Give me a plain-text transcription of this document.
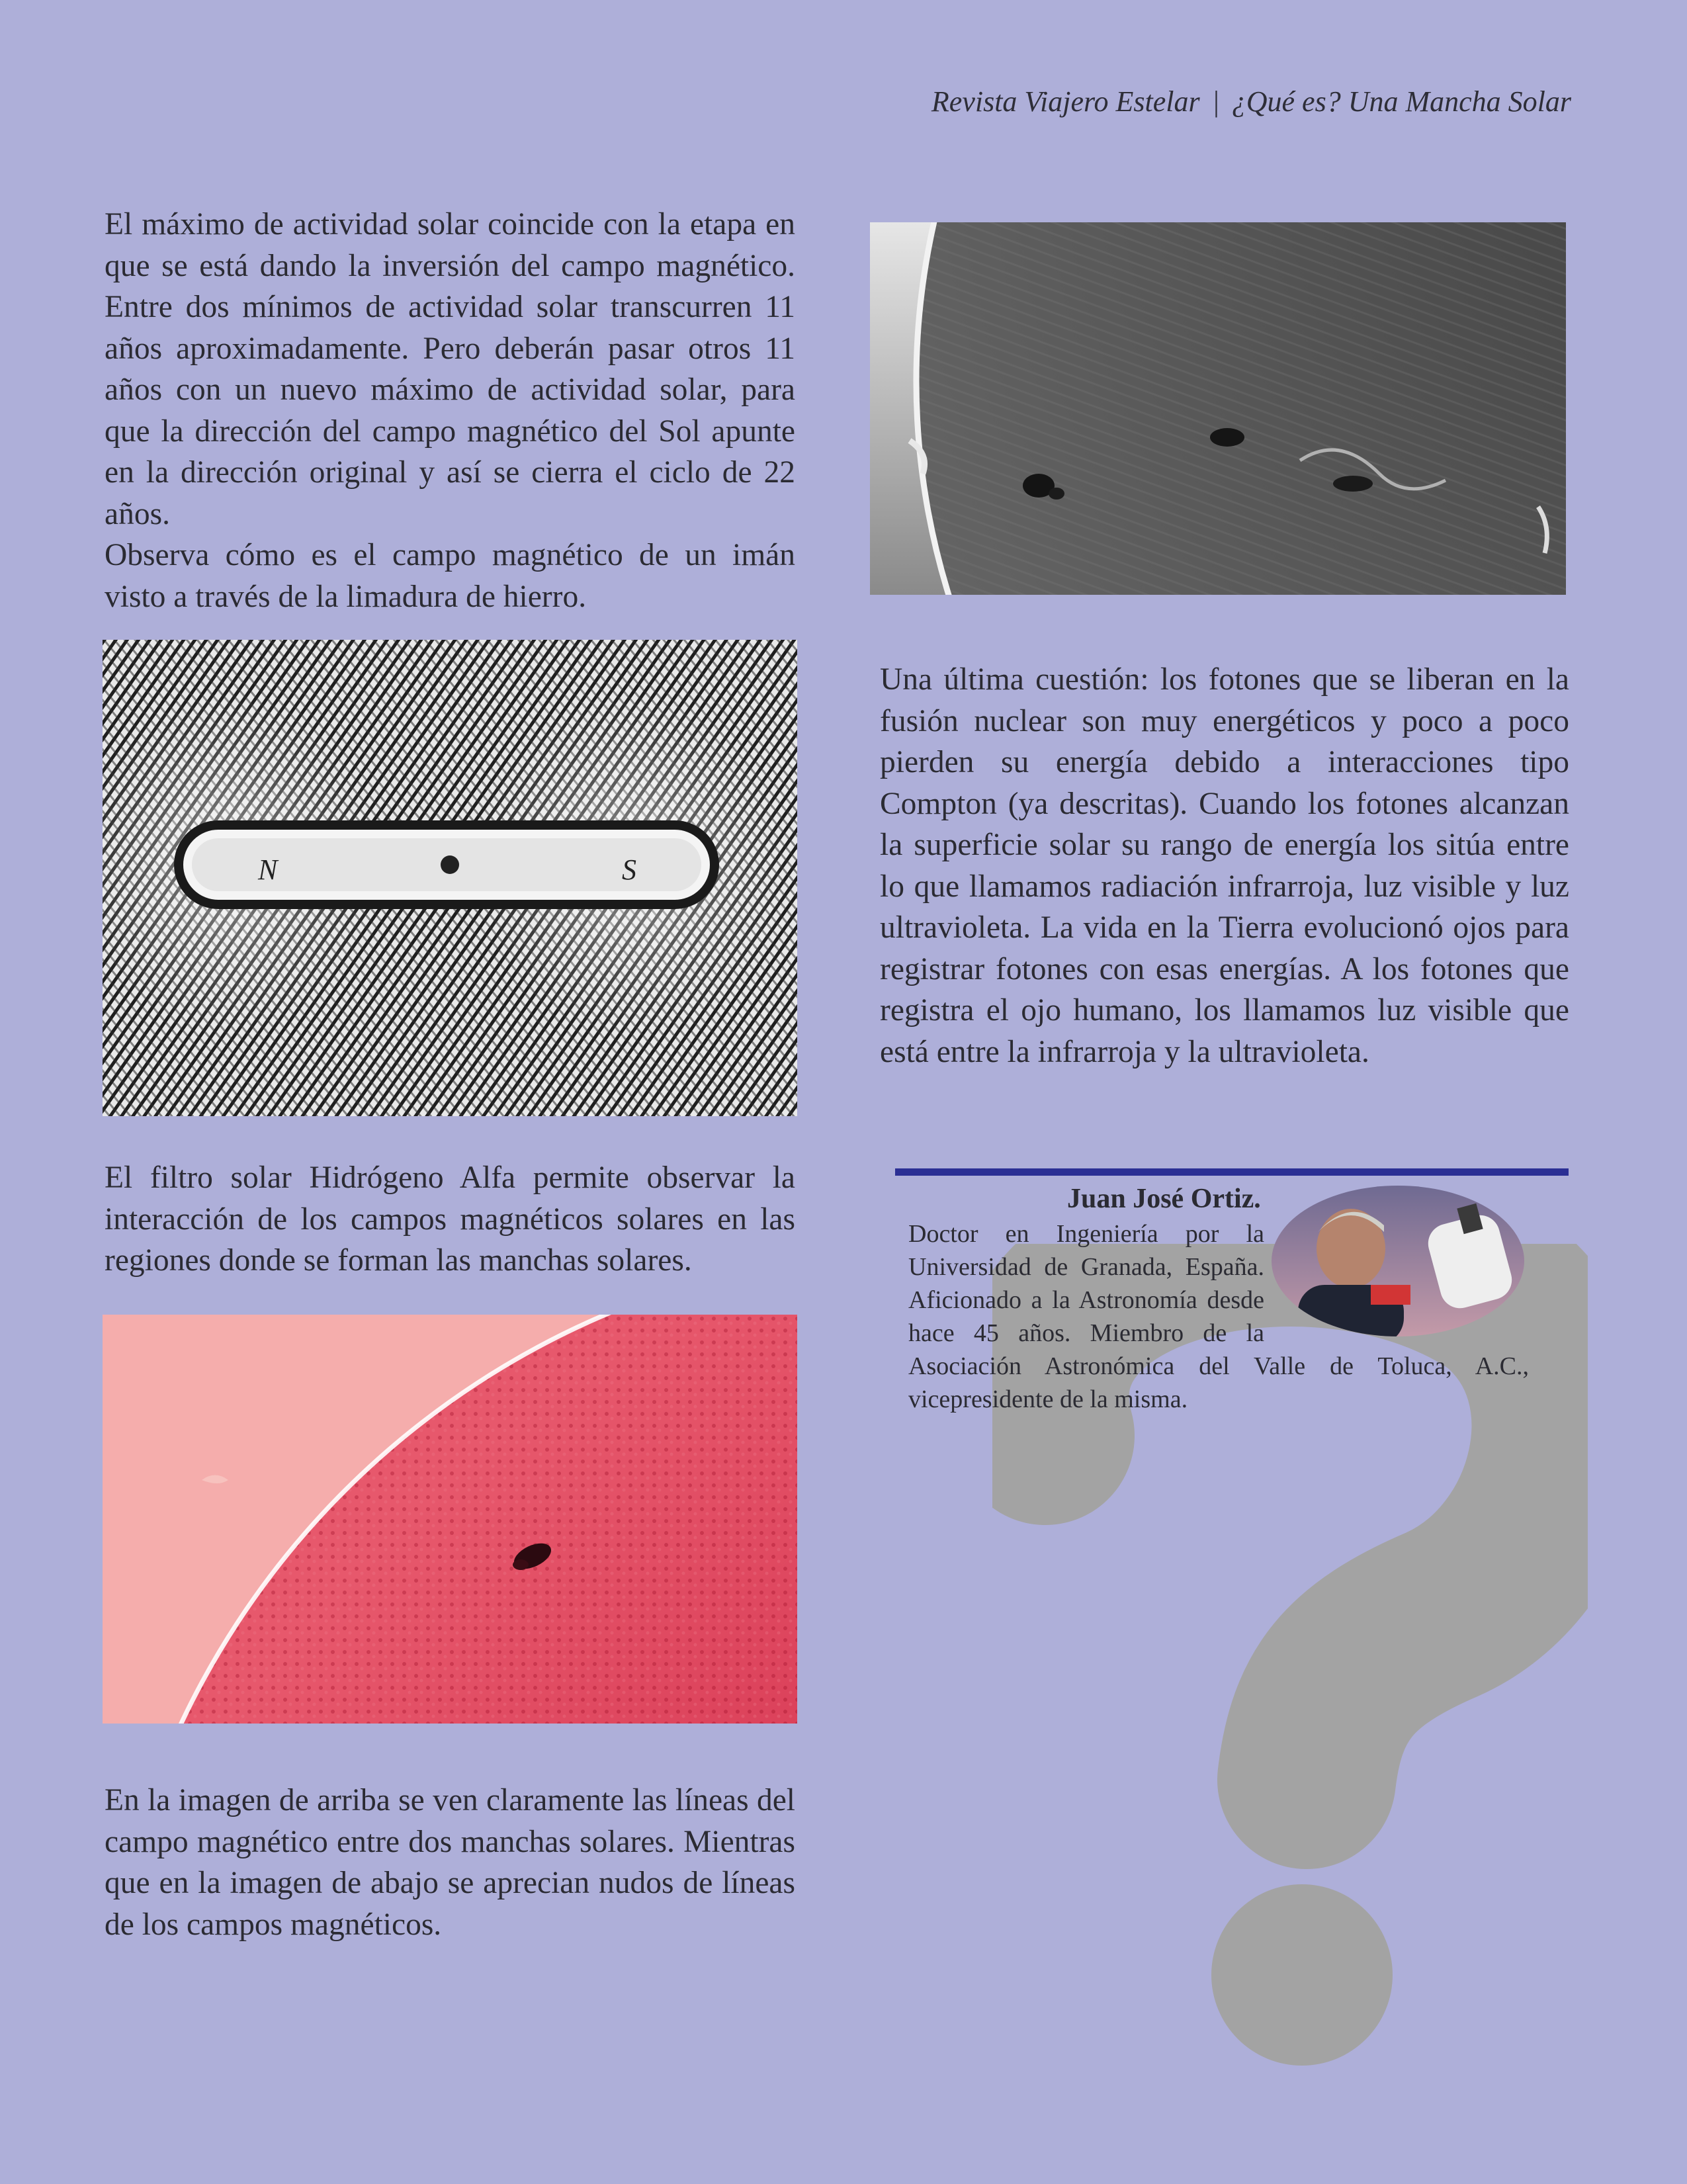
Revista Viajero Estelar | ¿Qué es? Una Mancha Solar

El máximo de actividad solar coincide con la etapa en que se está dando la inversión del campo magnético. Entre dos mínimos de actividad solar transcurren 11 años aproximadamente. Pero deberán pasar otros 11 años con un nuevo máximo de actividad solar, para que la dirección del campo magnético del Sol apunte en la dirección original y así se cierra el ciclo de 22 años.

Observa cómo es el campo magnético de un imán visto a través de la limadura de hierro.

N	S
El filtro solar Hidrógeno Alfa permite observar la interacción de los campos magnéticos solares en las regiones donde se forman las manchas solares.
En la imagen de arriba se ven claramente las líneas del campo magnético entre dos manchas solares. Mientras que en la imagen de abajo se aprecian nudos de líneas de los campos magnéticos.
Una última cuestión: los fotones que se liberan en la fusión nuclear son muy energéticos y poco a poco pierden su energía debido a interacciones tipo Compton (ya descritas). Cuando los fotones alcanzan la superficie solar su rango de energía los sitúa entre lo que llamamos radiación infrarroja, luz visible y luz ultravioleta. La vida en la Tierra evolucionó ojos para registrar fotones con esas energías. A los fotones que registra el ojo humano, los llamamos luz visible que está entre la infrarroja y la ultravioleta.
Juan José Ortiz.
Doctor en Ingeniería por la Universidad de Granada, España. Aficionado a la Astronomía desde hace 45 años. Miembro de la Asociación Astronómica del Valle de Toluca, A.C., vicepresidente de la misma.
